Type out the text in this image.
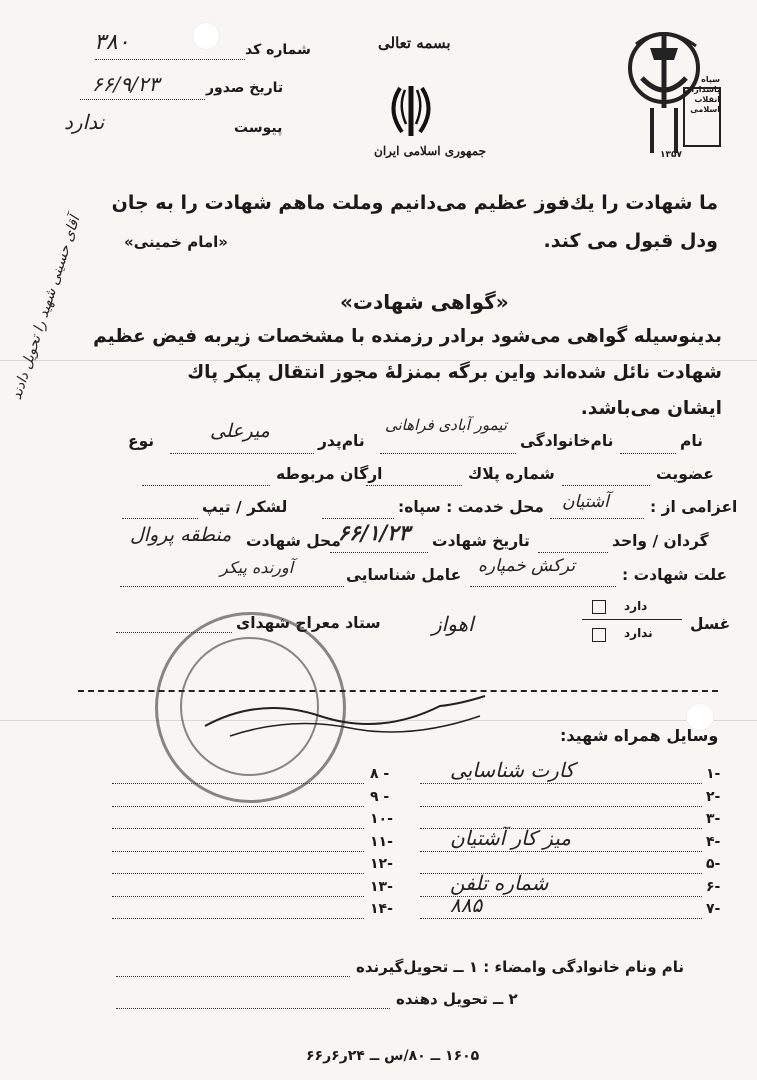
سپاه پاسداران انقلاب اسلامی
۱۳۵۷
بسمه تعالی
جمهوری اسلامی ایران
شماره کد
۳۸۰
تاریخ صدور
۶۶/۹/۲۳
پیوست
ندارد
ما شهادت را یك‌فوز عظیم می‌دانیم وملت ماهم شهادت را به جان
ودل قبول می کند.
«امام خمینی»
آقای حسینی شهید را تحویل دادند	«گواهی شهادت»
بدینوسیله گواهی می‌شود برادر رزمنده با مشخصات زیربه فیض عظیم
شهادت نائل شده‌اند واین برگه بمنزلۀ مجوز انتقال پیکر پاك
ایشان می‌باشد.
نام
نام‌خانوادگی
تیمور آبادی فراهانی
نام‌پدر
میرعلی
نوع
عضویت
شماره پلاك
ارگان مربوطه
اعزامی از :
آشتیان
محل خدمت : سپاه:
لشکر / تیپ
گردان / واحد
تاریخ شهادت
۶۶/۱/۲۳
محل شهادت
منطقه پروال
علت شهادت :
ترکش خمپاره
عامل شناسایی
آورنده پیکر
غسل
دارد
ندارد
اهواز
ستاد معراج شهدای
وسایل همراه شهید:
-۱
کارت شناسایی
-۲
-۳
-۴
میز کار آشتیان
-۵
-۶
شماره تلفن
-۷
۸۸۵
- ۸
- ۹
-۱۰
-۱۱
-۱۲
-۱۳
-۱۴
نام ونام خانوادگی وامضاء : ۱ ــ تحویل‌گیرنده
۲ ــ تحویل دهنده
۱۶۰۵ ــ ۸۰/س ــ ۲۴ر۶ر۶۶
